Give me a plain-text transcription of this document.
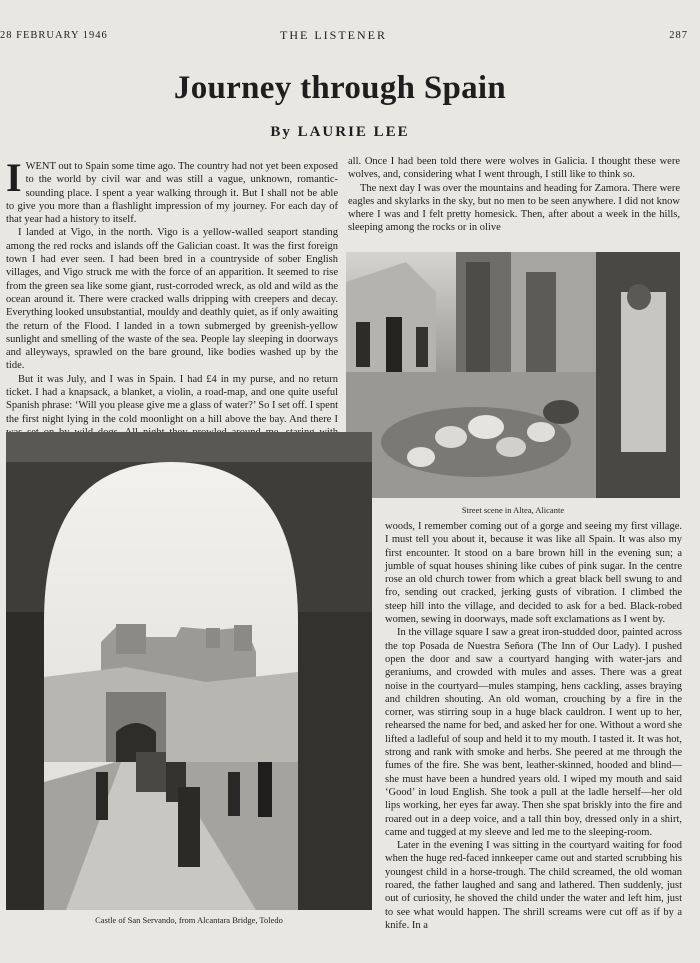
28 FEBRUARY 1946	THE LISTENER	287
Journey through Spain
By LAURIE LEE

IWENT out to Spain some time ago. The country had not yet been exposed to the world by civil war and was still a vague, unknown, romantic-sounding place. I spent a year walking through it. But I shall not be able to give you more than a flashlight impression of my journey. For each day of that year had a history to itself.

I landed at Vigo, in the north. Vigo is a yellow-walled seaport standing among the red rocks and islands off the Galician coast. It was the first foreign town I had ever seen. I had been bred in a countryside of sober English villages, and Vigo struck me with the force of an apparition. It seemed to rise from the green sea like some giant, rust-corroded wreck, as old and wild as the ocean around it. There were cracked walls dripping with creepers and decay. Everything looked unsubstantial, mouldy and deathly quiet, as if only awaiting the return of the Flood. I landed in a town submerged by greenish-yellow sunlight and smelling of the waste of the sea. People lay sleeping in doorways and alleyways, sprawled on the bare ground, like bodies washed up by the tide.

But it was July, and I was in Spain. I had £4 in my purse, and no return ticket. I had a knapsack, a blanket, a violin, a road-map, and one quite useful Spanish phrase: ‘Will you please give me a glass of water?’ So I set off. I spent the first night lying in the cold moonlight on a hill above the bay. And there I

all. Once I had been told there were wolves in Galicia. I thought these were wolves, and, considering what I went through, I still like to think so.

The next day I was over the mountains and heading for Zamora. There were eagles and skylarks in the sky, but no men to be seen anywhere. I did not know where I was and I felt pretty homesick. Then, after about a week in the hills, sleeping among the rocks or in olive

Street scene in Altea, Alicante
Castle of San Servando, from Alcantara Bridge, Toledo

woods, I remember coming out of a gorge and seeing my first village. I must tell you about it, because it was like all Spain. It was also my first encounter. It stood on a bare brown hill in the evening sun; a jumble of squat houses shining like cubes of pink sugar. In the centre rose an old church tower from which a great black bell swung to and fro, sending out cracked, jerking gusts of vibration. I climbed the steep hill into the village, and decided to ask for a bed. Black-robed women, sewing in doorways, made soft exclamations as I went by.

In the village square I saw a great iron-studded door, painted across the top Posada de Nuestra Señora (The Inn of Our Lady). I pushed open the door and saw a courtyard hanging with water-jars and geraniums, and crowded with mules and asses. There was a great noise in the courtyard—mules stamping, hens cackling, asses braying and children shouting. An old woman, crouching by a fire in the corner, was stirring soup in a huge black cauldron. I went up to her, rehearsed the name for bed, and asked her for one. Without a word she lifted a ladleful of soup and held it to my mouth. I tasted it. It was hot, strong and rank with smoke and herbs. She peered at me through the fumes of the fire. She was bent, leather-skinned, hooded and blind—she must have been a hundred years old. I wiped my mouth and said ‘Good’ in loud English. She took a pull at the ladle herself—her old lips working, her eyes far away. Then she spat briskly into the fire and roared out in a deep voice, and a tall thin boy, dressed only in a shirt, came and tugged at my sleeve and led me to the sleeping-room.

Later in the evening I was sitting in the courtyard waiting for food when the huge red-faced innkeeper came out and started scrubbing his youngest child in a horse-trough. The child screamed, the old woman roared, the father laughed and sang and lathered. Then suddenly, just out of curiosity, he shoved the child under the water and left him, just to see what would happen. The shrill screams were cut off as if by a knife. In a
